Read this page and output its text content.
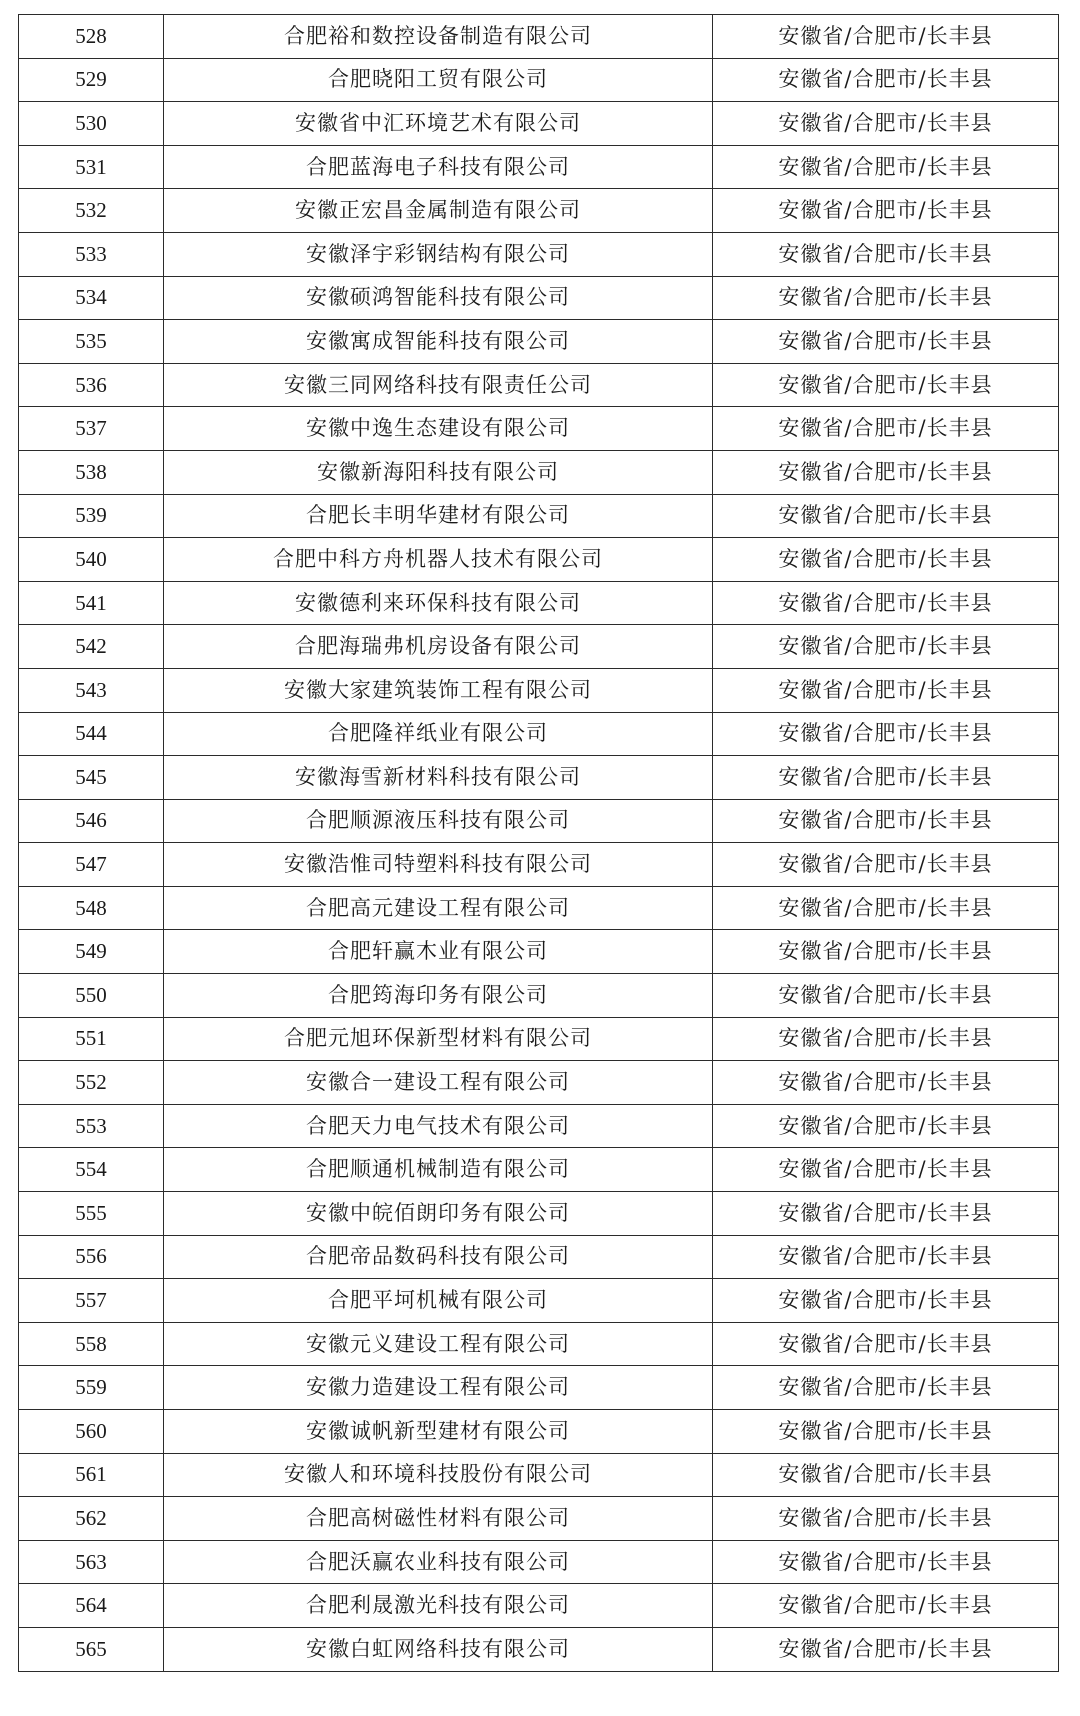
528	合肥裕和数控设备制造有限公司	安徽省/合肥市/长丰县
529	合肥晓阳工贸有限公司	安徽省/合肥市/长丰县
530	安徽省中汇环境艺术有限公司	安徽省/合肥市/长丰县
531	合肥蓝海电子科技有限公司	安徽省/合肥市/长丰县
532	安徽正宏昌金属制造有限公司	安徽省/合肥市/长丰县
533	安徽泽宇彩钢结构有限公司	安徽省/合肥市/长丰县
534	安徽硕鸿智能科技有限公司	安徽省/合肥市/长丰县
535	安徽寓成智能科技有限公司	安徽省/合肥市/长丰县
536	安徽三同网络科技有限责任公司	安徽省/合肥市/长丰县
537	安徽中逸生态建设有限公司	安徽省/合肥市/长丰县
538	安徽新海阳科技有限公司	安徽省/合肥市/长丰县
539	合肥长丰明华建材有限公司	安徽省/合肥市/长丰县
540	合肥中科方舟机器人技术有限公司	安徽省/合肥市/长丰县
541	安徽德利来环保科技有限公司	安徽省/合肥市/长丰县
542	合肥海瑞弗机房设备有限公司	安徽省/合肥市/长丰县
543	安徽大家建筑装饰工程有限公司	安徽省/合肥市/长丰县
544	合肥隆祥纸业有限公司	安徽省/合肥市/长丰县
545	安徽海雪新材料科技有限公司	安徽省/合肥市/长丰县
546	合肥顺源液压科技有限公司	安徽省/合肥市/长丰县
547	安徽浩惟司特塑料科技有限公司	安徽省/合肥市/长丰县
548	合肥高元建设工程有限公司	安徽省/合肥市/长丰县
549	合肥轩赢木业有限公司	安徽省/合肥市/长丰县
550	合肥筠海印务有限公司	安徽省/合肥市/长丰县
551	合肥元旭环保新型材料有限公司	安徽省/合肥市/长丰县
552	安徽合一建设工程有限公司	安徽省/合肥市/长丰县
553	合肥天力电气技术有限公司	安徽省/合肥市/长丰县
554	合肥顺通机械制造有限公司	安徽省/合肥市/长丰县
555	安徽中皖佰朗印务有限公司	安徽省/合肥市/长丰县
556	合肥帝品数码科技有限公司	安徽省/合肥市/长丰县
557	合肥平坷机械有限公司	安徽省/合肥市/长丰县
558	安徽元义建设工程有限公司	安徽省/合肥市/长丰县
559	安徽力造建设工程有限公司	安徽省/合肥市/长丰县
560	安徽诚帆新型建材有限公司	安徽省/合肥市/长丰县
561	安徽人和环境科技股份有限公司	安徽省/合肥市/长丰县
562	合肥高树磁性材料有限公司	安徽省/合肥市/长丰县
563	合肥沃赢农业科技有限公司	安徽省/合肥市/长丰县
564	合肥利晟激光科技有限公司	安徽省/合肥市/长丰县
565	安徽白虹网络科技有限公司	安徽省/合肥市/长丰县
